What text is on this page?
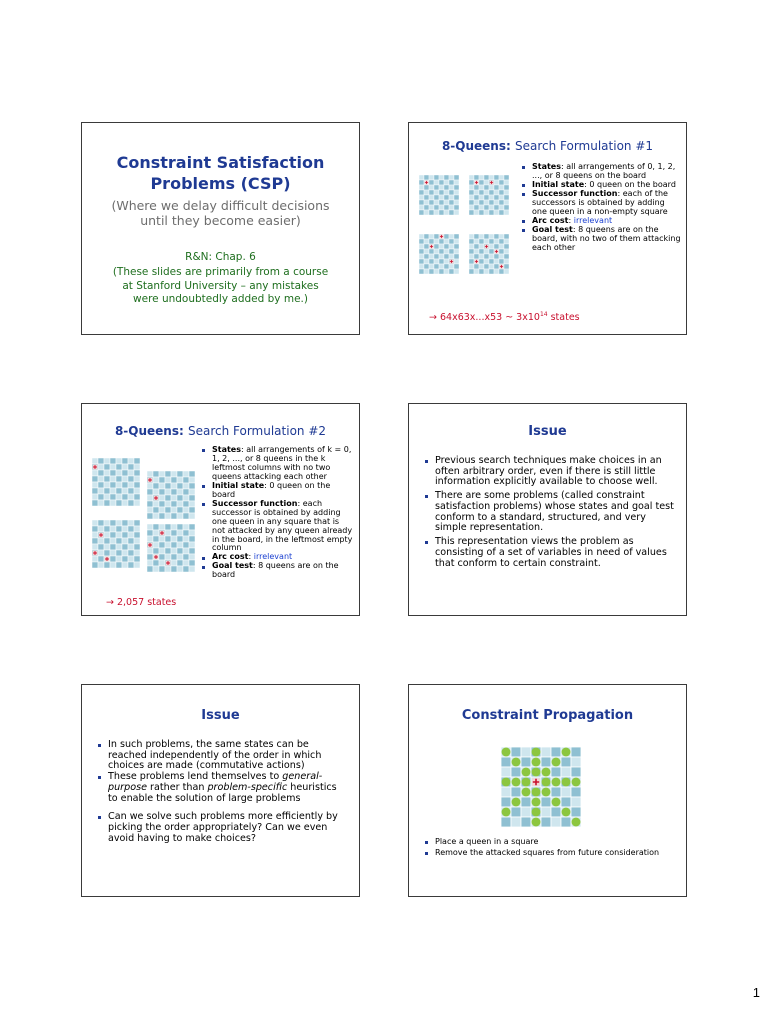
Constraint Satisfaction
Problems (CSP)
(Where we delay difficult decisions
until they become easier)
R&N: Chap. 6
(These slides are primarily from a course
at Stanford University – any mistakes
were undoubtedly added by me.)
8-Queens: Search Formulation #1
States: all arrangements of 0, 1, 2, ..., or 8 queens on the board
Initial state: 0 queen on the board
Successor function: each of the successors is obtained by adding one queen in a non-empty square
Arc cost: irrelevant
Goal test: 8 queens are on the board, with no two of them attacking each other
→ 64x63x...x53 ~ $3x10^{14}$ states
8-Queens: Search Formulation #2
States: all arrangements of k = 0, 1, 2, ..., or 8 queens in the k leftmost columns with no two queens attacking each other
Initial state: 0 queen on the board
Successor function: each successor is obtained by adding one queen in any square that is not attacked by any queen already in the board, in the leftmost empty column
Arc cost: irrelevant
Goal test: 8 queens are on the board
→ 2,057 states
Issue
Previous search techniques make choices in an often arbitrary order, even if there is still little information explicitly available to choose well.
There are some problems (called constraint satisfaction problems) whose states and goal test conform to a standard, structured, and very simple representation.
This representation views the problem as consisting of a set of variables in need of values that conform to certain constraint.
Issue
In such problems, the same states can be reached independently of the order in which choices are made (commutative actions)
These problems lend themselves to general-purpose rather than problem-specific heuristics to enable the solution of large problems
Can we solve such problems more efficiently by picking the order appropriately? Can we even avoid having to make choices?
Constraint Propagation
Place a queen in a square
Remove the attacked squares from future consideration
1
